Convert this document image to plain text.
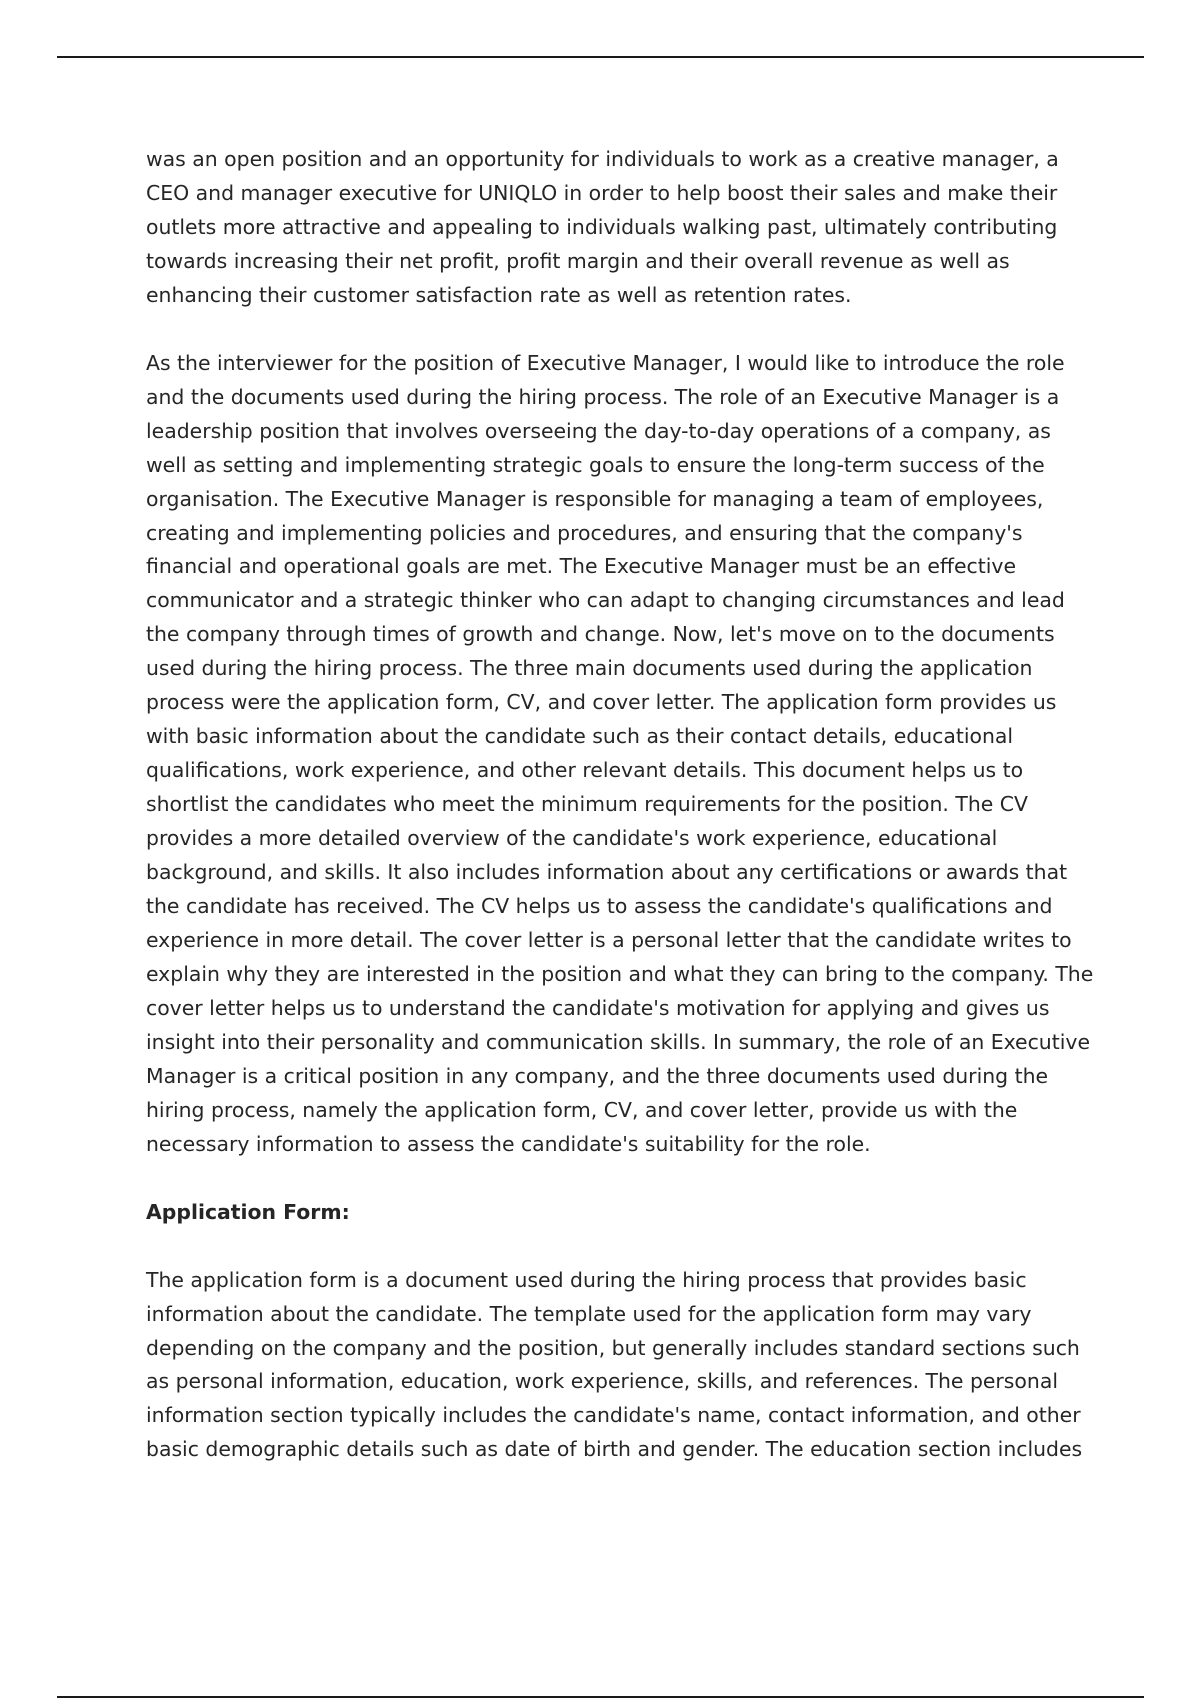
was an open position and an opportunity for individuals to work as a creative manager, a CEO and manager executive for UNIQLO in order to help boost their sales and make their outlets more attractive and appealing to individuals walking past, ultimately contributing towards increasing their net profit, profit margin and their overall revenue as well as enhancing their customer satisfaction rate as well as retention rates.

As the interviewer for the position of Executive Manager, I would like to introduce the role and the documents used during the hiring process. The role of an Executive Manager is a leadership position that involves overseeing the day-to-day operations of a company, as well as setting and implementing strategic goals to ensure the long-term success of the organisation. The Executive Manager is responsible for managing a team of employees, creating and implementing policies and procedures, and ensuring that the company's financial and operational goals are met. The Executive Manager must be an effective communicator and a strategic thinker who can adapt to changing circumstances and lead the company through times of growth and change. Now, let's move on to the documents used during the hiring process. The three main documents used during the application process were the application form, CV, and cover letter. The application form provides us with basic information about the candidate such as their contact details, educational qualifications, work experience, and other relevant details. This document helps us to shortlist the candidates who meet the minimum requirements for the position. The CV provides a more detailed overview of the candidate's work experience, educational background, and skills. It also includes information about any certifications or awards that the candidate has received. The CV helps us to assess the candidate's qualifications and experience in more detail. The cover letter is a personal letter that the candidate writes to explain why they are interested in the position and what they can bring to the company. The cover letter helps us to understand the candidate's motivation for applying and gives us insight into their personality and communication skills. In summary, the role of an Executive Manager is a critical position in any company, and the three documents used during the hiring process, namely the application form, CV, and cover letter, provide us with the necessary information to assess the candidate's suitability for the role.

Application Form:

The application form is a document used during the hiring process that provides basic information about the candidate. The template used for the application form may vary depending on the company and the position, but generally includes standard sections such as personal information, education, work experience, skills, and references. The personal information section typically includes the candidate's name, contact information, and other basic demographic details such as date of birth and gender. The education section includes
